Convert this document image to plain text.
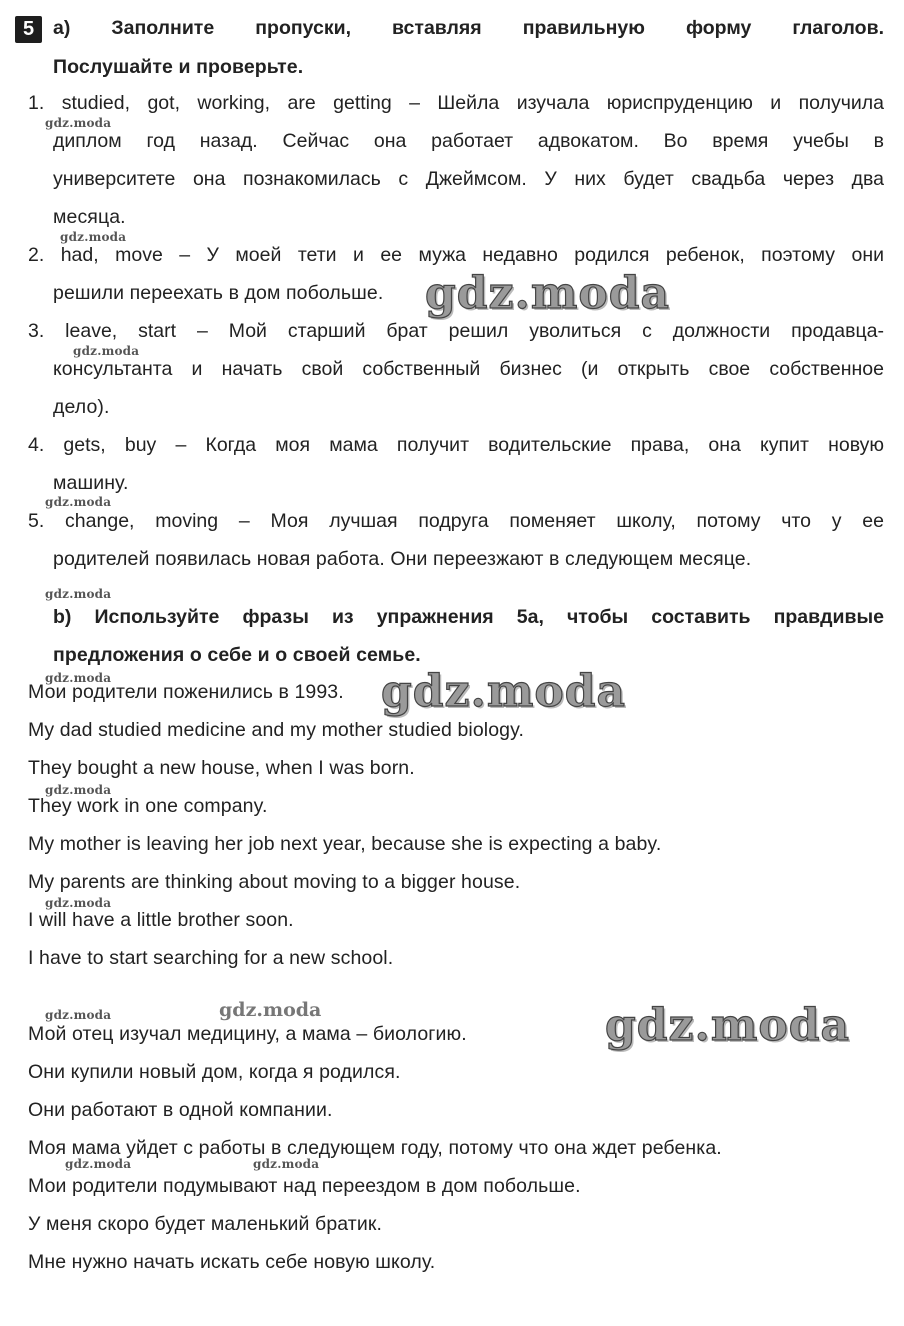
5 a) Заполните пропуски, вставляя правильную форму глаголов.
Послушайте и проверьте.
1. studied, got, working, are getting – Шейла изучала юриспруденцию и получила
диплом год назад. Сейчас она работает адвокатом. Во время учебы в
университете она познакомилась с Джеймсом. У них будет свадьба через два
месяца.
2. had, move – У моей тети и ее мужа недавно родился ребенок, поэтому они
решили переехать в дом побольше.
3. leave, start – Мой старший брат решил уволиться с должности продавца-
консультанта и начать свой собственный бизнес (и открыть свое собственное
дело).
4. gets, buy – Когда моя мама получит водительские права, она купит новую
машину.
5. change, moving – Моя лучшая подруга поменяет школу, потому что у ее
родителей появилась новая работа. Они переезжают в следующем месяце.
b) Используйте фразы из упражнения 5a, чтобы составить правдивые
предложения о себе и о своей семье.
Мои родители поженились в 1993.
My dad studied medicine and my mother studied biology.
They bought a new house, when I was born.
They work in one company.
My mother is leaving her job next year, because she is expecting a baby.
My parents are thinking about moving to a bigger house.
I will have a little brother soon.
I have to start searching for a new school.
Мой отец изучал медицину, а мама – биологию.
Они купили новый дом, когда я родился.
Они работают в одной компании.
Моя мама уйдет с работы в следующем году, потому что она ждет ребенка.
Мои родители подумывают над переездом в дом побольше.
У меня скоро будет маленький братик.
Мне нужно начать искать себе новую школу.
gdz.moda
gdz.moda
gdz.moda
gdz.moda
gdz.moda
gdz.moda
gdz.moda
gdz.moda
gdz.moda
gdz.moda	gdz.moda
gdz.moda
gdz.moda
gdz.moda
gdz.moda
